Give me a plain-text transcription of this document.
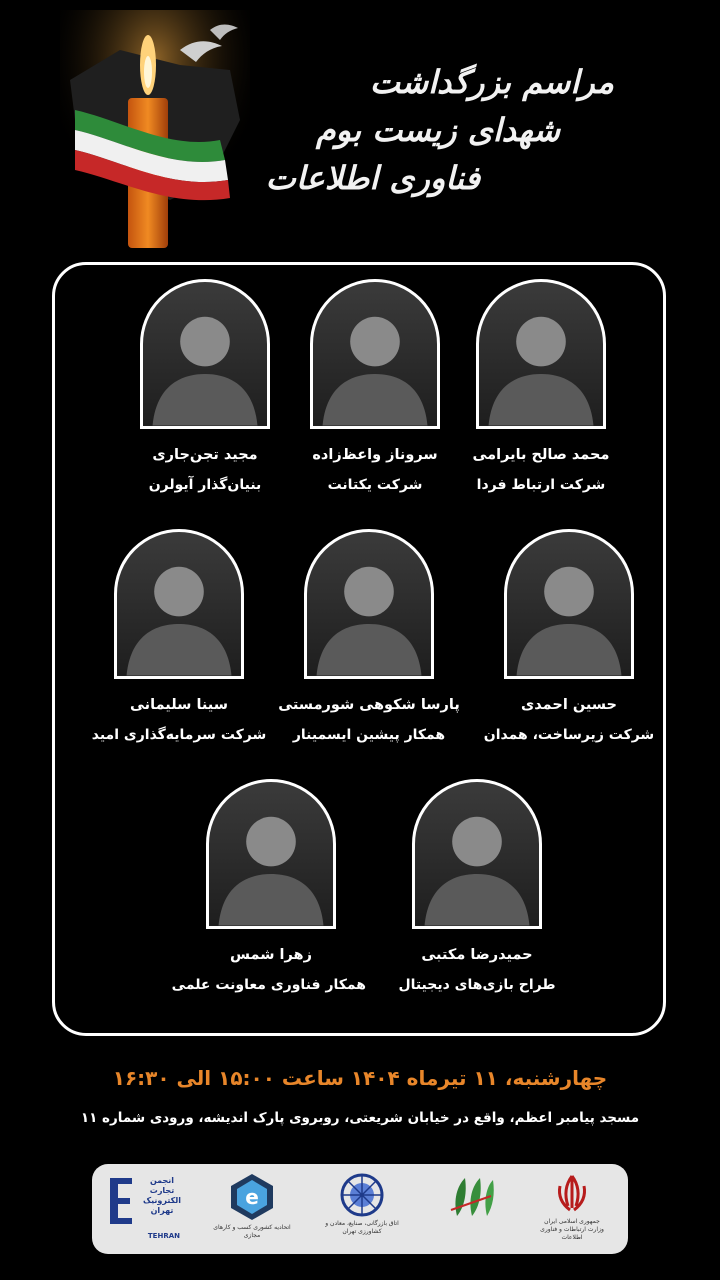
مراسم بزرگداشت
شهدای زیست بوم
فناوری اطلاعات
محمد صالح بایرامی
شرکت ارتباط فردا
سروناز واعظ‌زاده
شرکت یکتانت
مجید تجن‌جاری
بنیان‌گذار آیولرن
حسین احمدی
شرکت زیرساخت، همدان
پارسا شکوهی شورمستی
همکار پیشین ایسمینار
سینا سلیمانی
شرکت سرمایه‌گذاری امید
حمیدرضا مکتبی
طراح بازی‌های دیجیتال
زهرا شمس
همکار فناوری معاونت علمی
چهارشنبه، ۱۱ تیرماه ۱۴۰۴ ساعت ۱۵:۰۰ الی ۱۶:۳۰
مسجد پیامبر اعظم، واقع در خیابان شریعتی، روبروی پارک اندیشه، ورودی شماره ۱۱
جمهوری اسلامی ایران
وزارت ارتباطات و فناوری اطلاعات
اتاق بازرگانی، صنایع، معادن و کشاورزی تهران
e
اتحادیه کشوری کسب و کارهای مجازی
انجمن
تجارت
الکترونیک
تهران
TEHRAN
